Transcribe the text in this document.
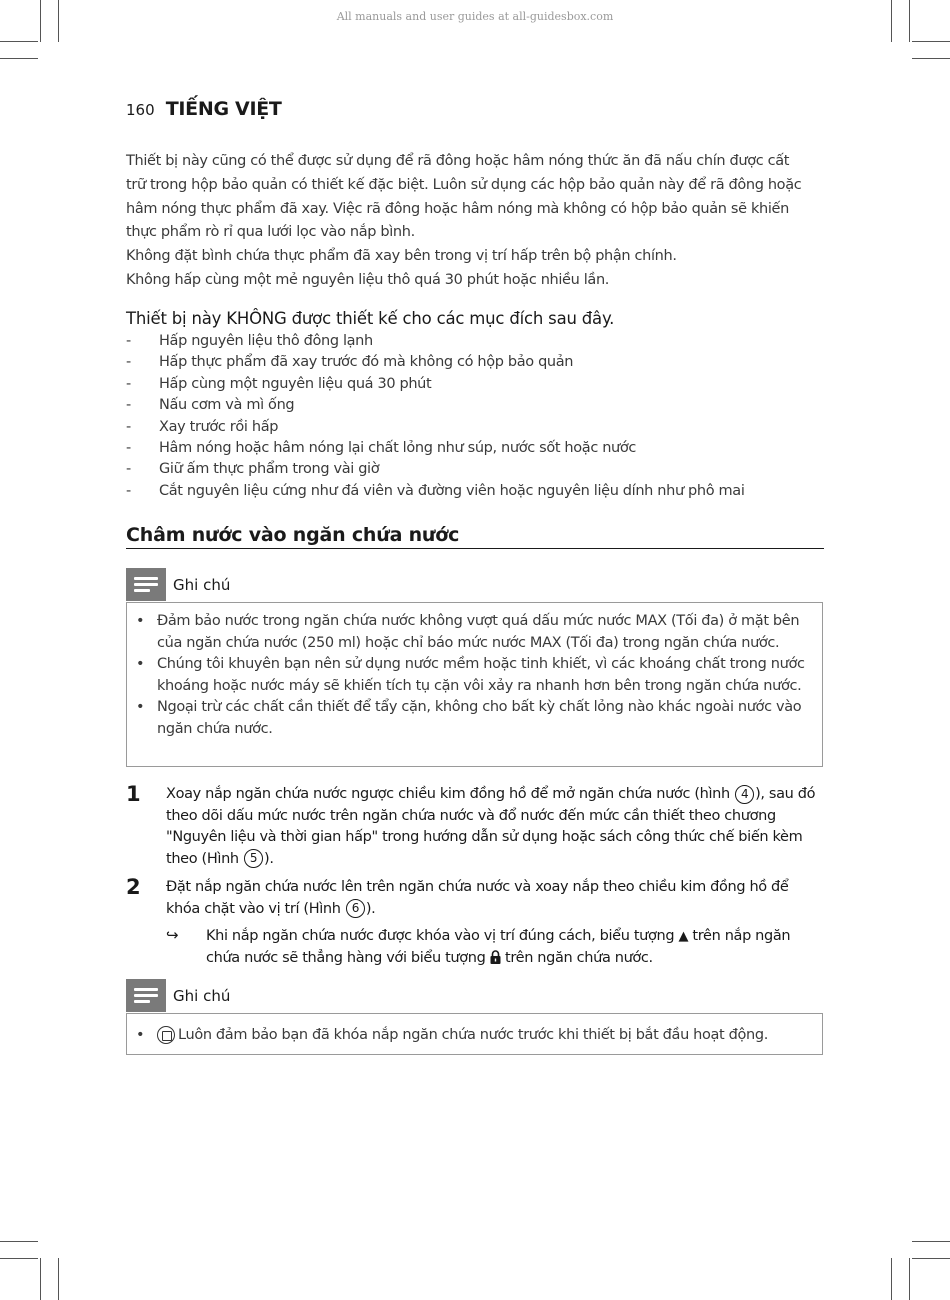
All manuals and user guides at all-guidesbox.com
160 TIẾNG VIỆT

Thiết bị này cũng có thể được sử dụng để rã đông hoặc hâm nóng thức ăn đã nấu chín được cất

trữ trong hộp bảo quản có thiết kế đặc biệt. Luôn sử dụng các hộp bảo quản này để rã đông hoặc

hâm nóng thực phẩm đã xay. Việc rã đông hoặc hâm nóng mà không có hộp bảo quản sẽ khiến

thực phẩm rò rỉ qua lưới lọc vào nắp bình.

Không đặt bình chứa thực phẩm đã xay bên trong vị trí hấp trên bộ phận chính.

Không hấp cùng một mẻ nguyên liệu thô quá 30 phút hoặc nhiều lần.

Thiết bị này KHÔNG được thiết kế cho các mục đích sau đây.
- Hấp nguyên liệu thô đông lạnh
- Hấp thực phẩm đã xay trước đó mà không có hộp bảo quản
- Hấp cùng một nguyên liệu quá 30 phút
- Nấu cơm và mì ống
- Xay trước rồi hấp
- Hâm nóng hoặc hâm nóng lại chất lỏng như súp, nước sốt hoặc nước
- Giữ ấm thực phẩm trong vài giờ
- Cắt nguyên liệu cứng như đá viên và đường viên hoặc nguyên liệu dính như phô mai
Châm nước vào ngăn chứa nước
Ghi chú
• Đảm bảo nước trong ngăn chứa nước không vượt quá dấu mức nước MAX (Tối đa) ở mặt bên của ngăn chứa nước (250 ml) hoặc chỉ báo mức nước MAX (Tối đa) trong ngăn chứa nước.
• Chúng tôi khuyên bạn nên sử dụng nước mềm hoặc tinh khiết, vì các khoáng chất trong nước khoáng hoặc nước máy sẽ khiến tích tụ cặn vôi xảy ra nhanh hơn bên trong ngăn chứa nước.
• Ngoại trừ các chất cần thiết để tẩy cặn, không cho bất kỳ chất lỏng nào khác ngoài nước vào ngăn chứa nước.
1 Xoay nắp ngăn chứa nước ngược chiều kim đồng hồ để mở ngăn chứa nước (hình 4 ), sau đó theo dõi dấu mức nước trên ngăn chứa nước và đổ nước đến mức cần thiết theo chương "Nguyên liệu và thời gian hấp" trong hướng dẫn sử dụng hoặc sách công thức chế biến kèm theo (Hình 5 ).
2 Đặt nắp ngăn chứa nước lên trên ngăn chứa nước và xoay nắp theo chiều kim đồng hồ để khóa chặt vào vị trí (Hình 6 ).
↪ Khi nắp ngăn chứa nước được khóa vào vị trí đúng cách, biểu tượng ▲ trên nắp ngăn chứa nước sẽ thẳng hàng với biểu tượng  trên ngăn chứa nước.
Ghi chú
• Luôn đảm bảo bạn đã khóa nắp ngăn chứa nước trước khi thiết bị bắt đầu hoạt động.
